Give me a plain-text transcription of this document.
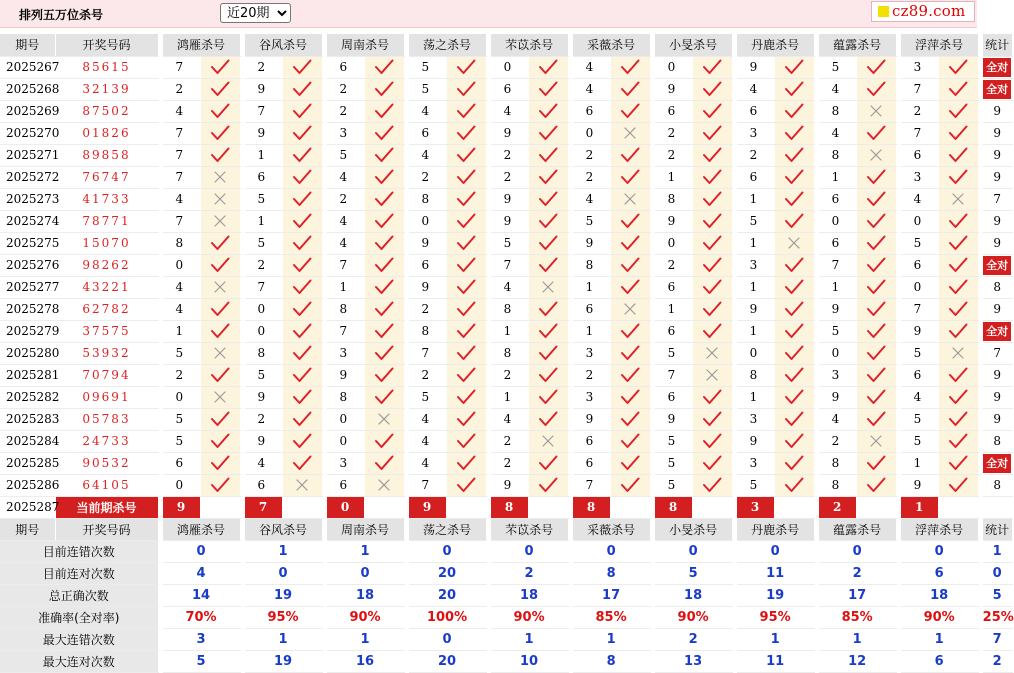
排列五万位杀号
近20期	cz89.com
期号	开奖号码		鸿雁杀号			谷风杀号			周南杀号			荡之杀号			芣苡杀号			采薇杀号			小旻杀号			丹鹿杀号			蕴露杀号			浮萍杀号			统计
2025267	85615		7			2			6			5			0			4			0			9			5			3			全对
2025268	32139		2			9			2			5			6			4			9			4			4			7			全对
2025269	87502		4			7			2			4			4			6			6			6			8			2			9
2025270	01826		7			9			3			6			9			0			2			3			4			7			9
2025271	89858		7			1			5			4			2			2			2			2			8			6			9
2025272	76747		7			6			4			2			2			2			1			6			1			3			9
2025273	41733		4			5			2			8			9			4			8			1			6			4			7
2025274	78771		7			1			4			0			9			5			9			5			0			0			9
2025275	15070		8			5			4			9			5			9			0			1			6			5			9
2025276	98262		0			2			7			6			7			8			2			3			7			6			全对
2025277	43221		4			7			1			9			4			1			6			1			1			0			8
2025278	62782		4			0			8			2			8			6			1			9			9			7			9
2025279	37575		1			0			7			8			1			1			6			1			5			9			全对
2025280	53932		5			8			3			7			8			3			5			0			0			5			7
2025281	70794		2			5			9			2			2			2			7			8			3			6			9
2025282	09691		0			9			8			5			1			3			6			1			9			4			9
2025283	05783		5			2			0			4			4			9			9			3			4			5			9
2025284	24733		5			9			0			4			2			6			5			9			2			5			8
2025285	90532		6			4			3			4			2			6			5			3			8			1			全对
2025286	64105		0			6			6			7			9			7			5			5			8			9			8
2025287	当前期杀号		9			7			0			9			8			8			8			3			2			1			
期号	开奖号码		鸿雁杀号			谷风杀号			周南杀号			荡之杀号			芣苡杀号			采薇杀号			小旻杀号			丹鹿杀号			蕴露杀号			浮萍杀号			统计
目前连错次数			0			1			1			0			0			0			0			0			0			0			1
目前连对次数			4			0			0			20			2			8			5			11			2			6			0
总正确次数			14			19			18			20			18			17			18			19			17			18			5
准确率(全对率)			70%			95%			90%			100%			90%			85%			90%			95%			85%			90%			25%
最大连错次数			3			1			1			0			1			1			2			1			1			1			7
最大连对次数			5			19			16			20			10			8			13			11			12			6			2
